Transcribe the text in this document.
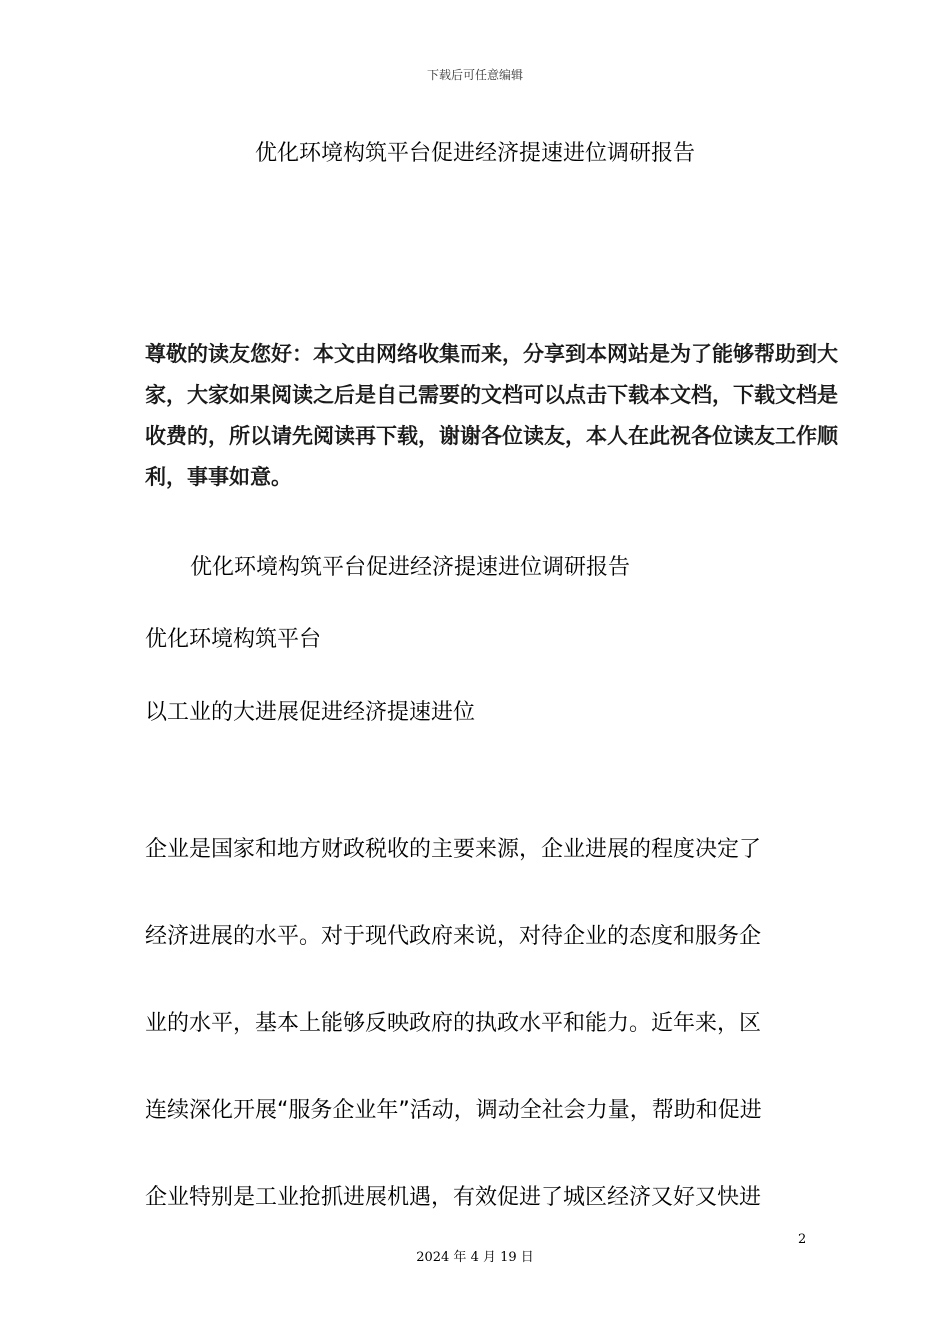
下载后可任意编辑
优化环境构筑平台促进经济提速进位调研报告
尊敬的读友您好：本文由网络收集而来，分享到本网站是为了能够帮助到大
家，大家如果阅读之后是自己需要的文档可以点击下载本文档，下载文档是
收费的，所以请先阅读再下载，谢谢各位读友，本人在此祝各位读友工作顺
利，事事如意。
优化环境构筑平台促进经济提速进位调研报告
优化环境构筑平台
以工业的大进展促进经济提速进位
企业是国家和地方财政税收的主要来源，企业进展的程度决定了
经济进展的水平。对于现代政府来说，对待企业的态度和服务企
业的水平，基本上能够反映政府的执政水平和能力。近年来，区
连续深化开展“服务企业年”活动，调动全社会力量，帮助和促进
企业特别是工业抢抓进展机遇，有效促进了城区经济又好又快进
2
2024 年 4 月 19 日
